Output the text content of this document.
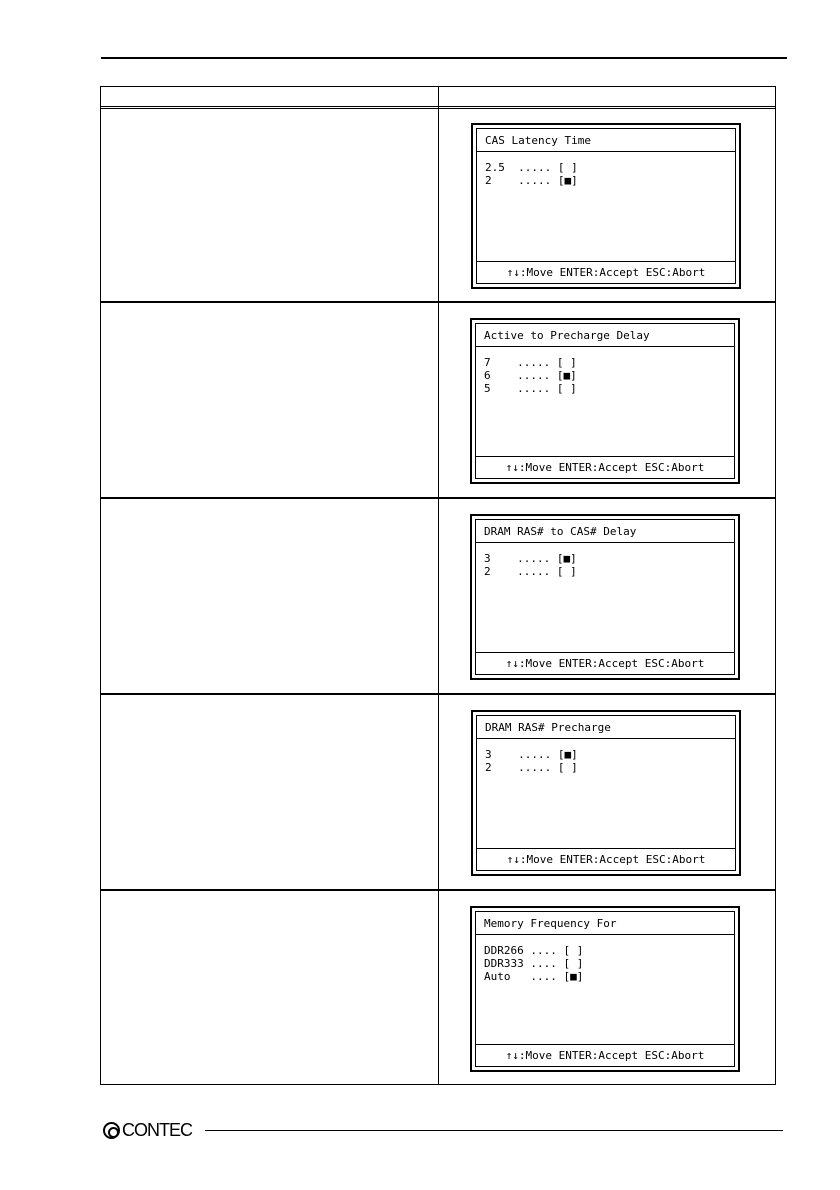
CAS Latency Time
2.5  ..... [ ]
2    ..... [■]
↑↓:Move ENTER:Accept ESC:Abort
Active to Precharge Delay
7    ..... [ ]
6    ..... [■]
5    ..... [ ]
↑↓:Move ENTER:Accept ESC:Abort
DRAM RAS# to CAS# Delay
3    ..... [■]
2    ..... [ ]
↑↓:Move ENTER:Accept ESC:Abort
DRAM RAS# Precharge
3    ..... [■]
2    ..... [ ]
↑↓:Move ENTER:Accept ESC:Abort
Memory Frequency For
DDR266 .... [ ]
DDR333 .... [ ]
Auto   .... [■]
↑↓:Move ENTER:Accept ESC:Abort
CONTEC
